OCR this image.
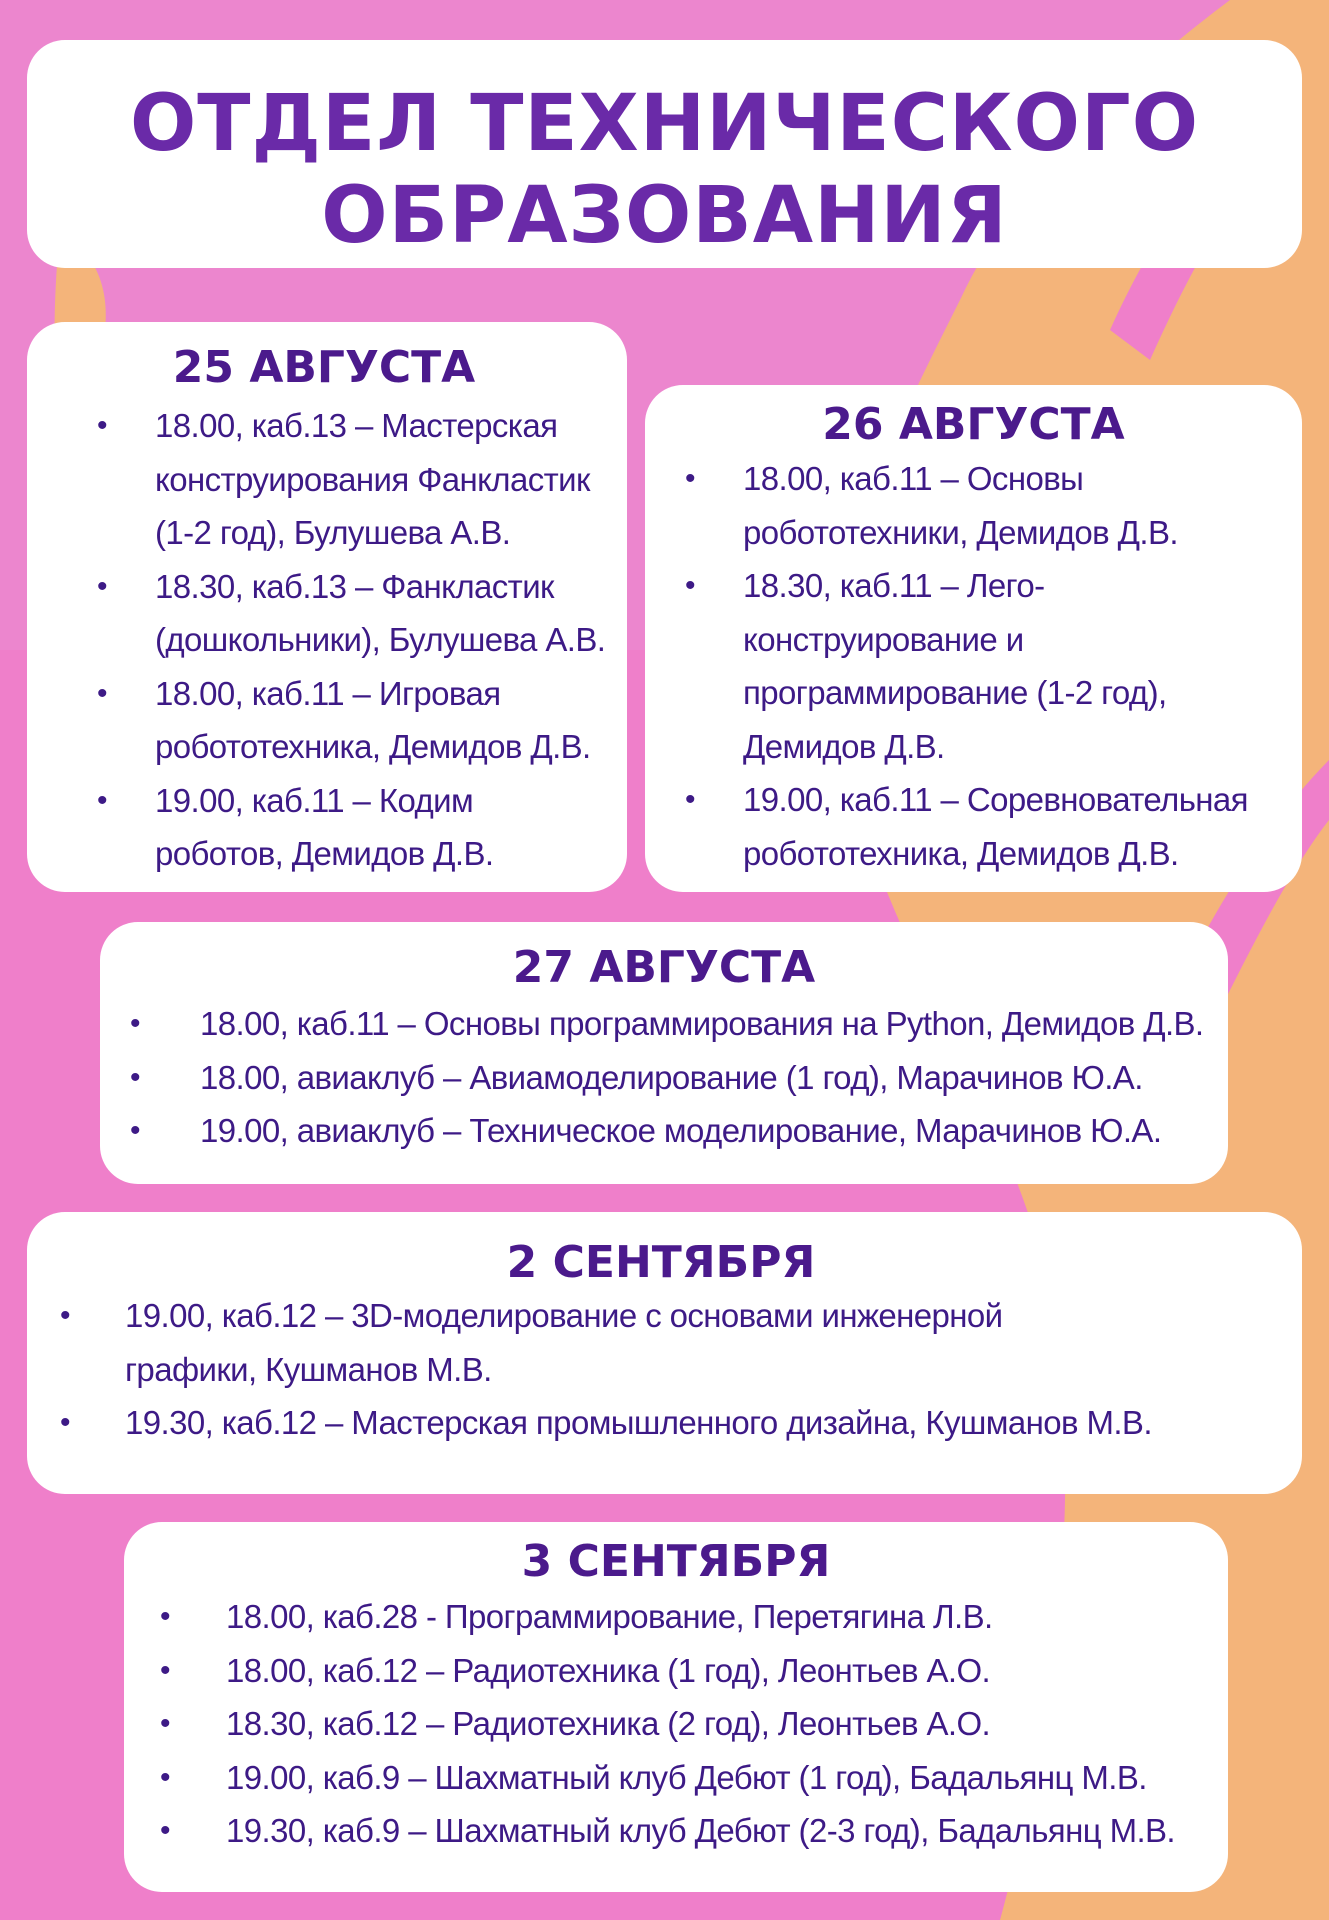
ОТДЕЛ ТЕХНИЧЕСКОГО
ОБРАЗОВАНИЯ
25 АВГУСТА
• 18.00, каб.13 – Мастерская конструирования Фанкластик (1-2 год), Булушева А.В.
• 18.30, каб.13 – Фанкластик (дошкольники), Булушева А.В.
• 18.00, каб.11 – Игровая робототехника, Демидов Д.В.
• 19.00, каб.11 – Кодим роботов, Демидов Д.В.
26 АВГУСТА
• 18.00, каб.11 – Основы робототехники, Демидов Д.В.
• 18.30, каб.11 – Лего-конструирование и программирование (1-2 год), Демидов Д.В.
• 19.00, каб.11 – Соревновательная робототехника, Демидов Д.В.
27 АВГУСТА
• 18.00, каб.11 – Основы программирования на Python, Демидов Д.В.
• 18.00, авиаклуб – Авиамоделирование (1 год), Марачинов Ю.А.
• 19.00, авиаклуб – Техническое моделирование, Марачинов Ю.А.
2 СЕНТЯБРЯ
• 19.00, каб.12 – 3D-моделирование с основами инженерной графики, Кушманов М.В.
• 19.30, каб.12 – Мастерская промышленного дизайна, Кушманов М.В.
3 СЕНТЯБРЯ
• 18.00, каб.28 - Программирование, Перетягина Л.В.
• 18.00, каб.12 – Радиотехника (1 год), Леонтьев А.О.
• 18.30, каб.12 – Радиотехника (2 год), Леонтьев А.О.
• 19.00, каб.9 – Шахматный клуб Дебют (1 год), Бадальянц М.В.
• 19.30, каб.9 – Шахматный клуб Дебют (2-3 год), Бадальянц М.В.
